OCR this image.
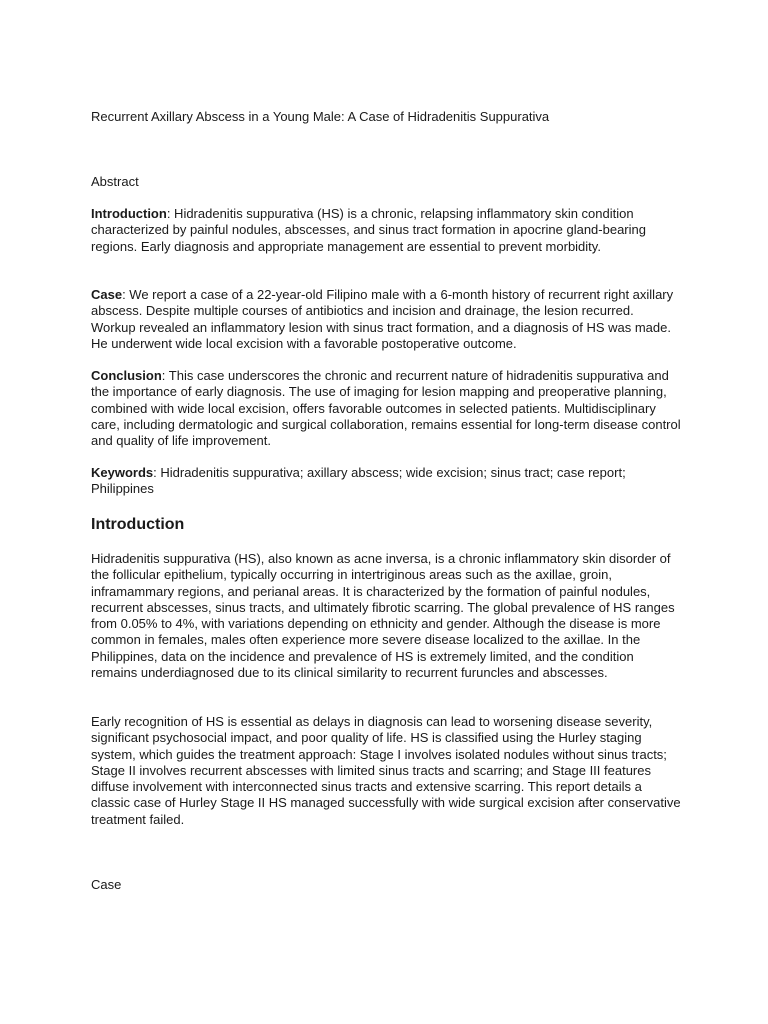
Recurrent Axillary Abscess in a Young Male: A Case of Hidradenitis Suppurativa

Abstract

Introduction: Hidradenitis suppurativa (HS) is a chronic, relapsing inflammatory skin condition characterized by painful nodules, abscesses, and sinus tract formation in apocrine gland-bearing regions. Early diagnosis and appropriate management are essential to prevent morbidity.

Case: We report a case of a 22-year-old Filipino male with a 6-month history of recurrent right axillary abscess. Despite multiple courses of antibiotics and incision and drainage, the lesion recurred. Workup revealed an inflammatory lesion with sinus tract formation, and a diagnosis of HS was made. He underwent wide local excision with a favorable postoperative outcome.

Conclusion: This case underscores the chronic and recurrent nature of hidradenitis suppurativa and the importance of early diagnosis. The use of imaging for lesion mapping and preoperative planning, combined with wide local excision, offers favorable outcomes in selected patients. Multidisciplinary care, including dermatologic and surgical collaboration, remains essential for long-term disease control and quality of life improvement.

Keywords: Hidradenitis suppurativa; axillary abscess; wide excision; sinus tract; case report; Philippines

Introduction

Hidradenitis suppurativa (HS), also known as acne inversa, is a chronic inflammatory skin disorder of the follicular epithelium, typically occurring in intertriginous areas such as the axillae, groin, inframammary regions, and perianal areas. It is characterized by the formation of painful nodules, recurrent abscesses, sinus tracts, and ultimately fibrotic scarring. The global prevalence of HS ranges from 0.05% to 4%, with variations depending on ethnicity and gender. Although the disease is more common in females, males often experience more severe disease localized to the axillae. In the Philippines, data on the incidence and prevalence of HS is extremely limited, and the condition remains underdiagnosed due to its clinical similarity to recurrent furuncles and abscesses.

Early recognition of HS is essential as delays in diagnosis can lead to worsening disease severity, significant psychosocial impact, and poor quality of life. HS is classified using the Hurley staging system, which guides the treatment approach: Stage I involves isolated nodules without sinus tracts; Stage II involves recurrent abscesses with limited sinus tracts and scarring; and Stage III features diffuse involvement with interconnected sinus tracts and extensive scarring. This report details a classic case of Hurley Stage II HS managed successfully with wide surgical excision after conservative treatment failed.

Case
